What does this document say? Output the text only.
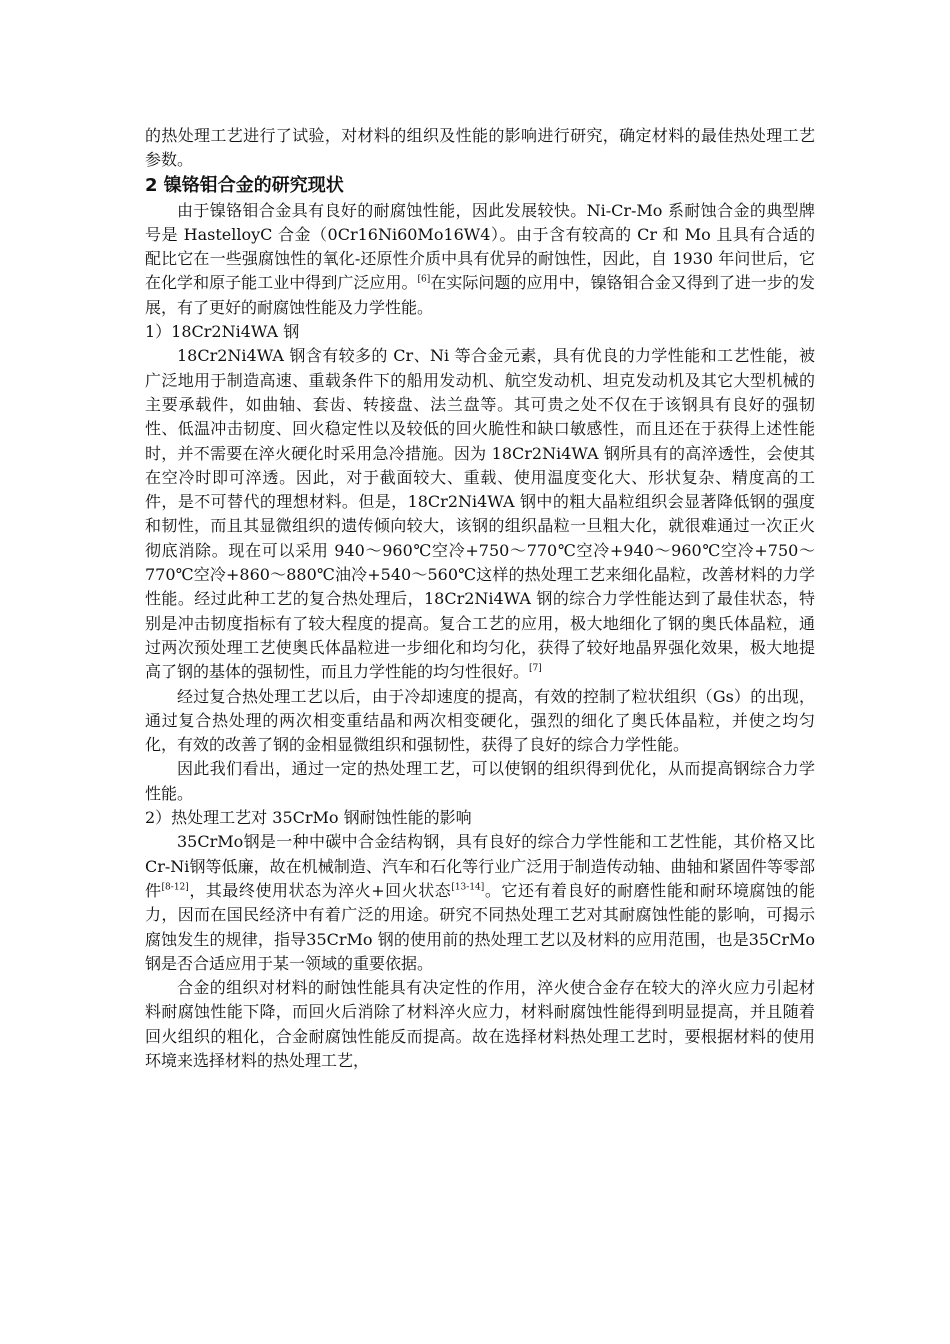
的热处理工艺进行了试验，对材料的组织及性能的影响进行研究，确定材料的最佳热处理工艺参数。

2 镍铬钼合金的研究现状

由于镍铬钼合金具有良好的耐腐蚀性能，因此发展较快。Ni-Cr-Mo 系耐蚀合金的典型牌号是 HastelloyC 合金（0Cr16Ni60Mo16W4）。由于含有较高的 Cr 和 Mo 且具有合适的配比它在一些强腐蚀性的氧化-还原性介质中具有优异的耐蚀性，因此，自 1930 年问世后，它在化学和原子能工业中得到广泛应用。[6]在实际问题的应用中，镍铬钼合金又得到了进一步的发展，有了更好的耐腐蚀性能及力学性能。

1）18Cr2Ni4WA 钢

18Cr2Ni4WA 钢含有较多的 Cr、Ni 等合金元素，具有优良的力学性能和工艺性能，被广泛地用于制造高速、重载条件下的船用发动机、航空发动机、坦克发动机及其它大型机械的主要承载件，如曲轴、套齿、转接盘、法兰盘等。其可贵之处不仅在于该钢具有良好的强韧性、低温冲击韧度、回火稳定性以及较低的回火脆性和缺口敏感性，而且还在于获得上述性能时，并不需要在淬火硬化时采用急冷措施。因为 18Cr2Ni4WA 钢所具有的高淬透性，会使其在空冷时即可淬透。因此，对于截面较大、重载、使用温度变化大、形状复杂、精度高的工件，是不可替代的理想材料。但是，18Cr2Ni4WA 钢中的粗大晶粒组织会显著降低钢的强度和韧性，而且其显微组织的遗传倾向较大，该钢的组织晶粒一旦粗大化，就很难通过一次正火彻底消除。现在可以采用 940～960℃空冷+750～770℃空冷+940～960℃空冷+750～770℃空冷+860～880℃油冷+540～560℃这样的热处理工艺来细化晶粒，改善材料的力学性能。经过此种工艺的复合热处理后，18Cr2Ni4WA 钢的综合力学性能达到了最佳状态，特别是冲击韧度指标有了较大程度的提高。复合工艺的应用，极大地细化了钢的奥氏体晶粒，通过两次预处理工艺使奥氏体晶粒进一步细化和均匀化，获得了较好地晶界强化效果，极大地提高了钢的基体的强韧性，而且力学性能的均匀性很好。[7]

经过复合热处理工艺以后，由于冷却速度的提高，有效的控制了粒状组织（Gs）的出现，通过复合热处理的两次相变重结晶和两次相变硬化，强烈的细化了奥氏体晶粒，并使之均匀化，有效的改善了钢的金相显微组织和强韧性，获得了良好的综合力学性能。

因此我们看出，通过一定的热处理工艺，可以使钢的组织得到优化，从而提高钢综合力学性能。

2）热处理工艺对 35CrMo 钢耐蚀性能的影响

35CrMo钢是一种中碳中合金结构钢，具有良好的综合力学性能和工艺性能，其价格又比Cr-Ni钢等低廉，故在机械制造、汽车和石化等行业广泛用于制造传动轴、曲轴和紧固件等零部件[8-12]，其最终使用状态为淬火+回火状态[13-14]。它还有着良好的耐磨性能和耐环境腐蚀的能力，因而在国民经济中有着广泛的用途。研究不同热处理工艺对其耐腐蚀性能的影响，可揭示腐蚀发生的规律，指导35CrMo 钢的使用前的热处理工艺以及材料的应用范围，也是35CrMo钢是否合适应用于某一领域的重要依据。

合金的组织对材料的耐蚀性能具有决定性的作用，淬火使合金存在较大的淬火应力引起材料耐腐蚀性能下降，而回火后消除了材料淬火应力，材料耐腐蚀性能得到明显提高，并且随着回火组织的粗化，合金耐腐蚀性能反而提高。故在选择材料热处理工艺时，要根据材料的使用环境来选择材料的热处理工艺，
